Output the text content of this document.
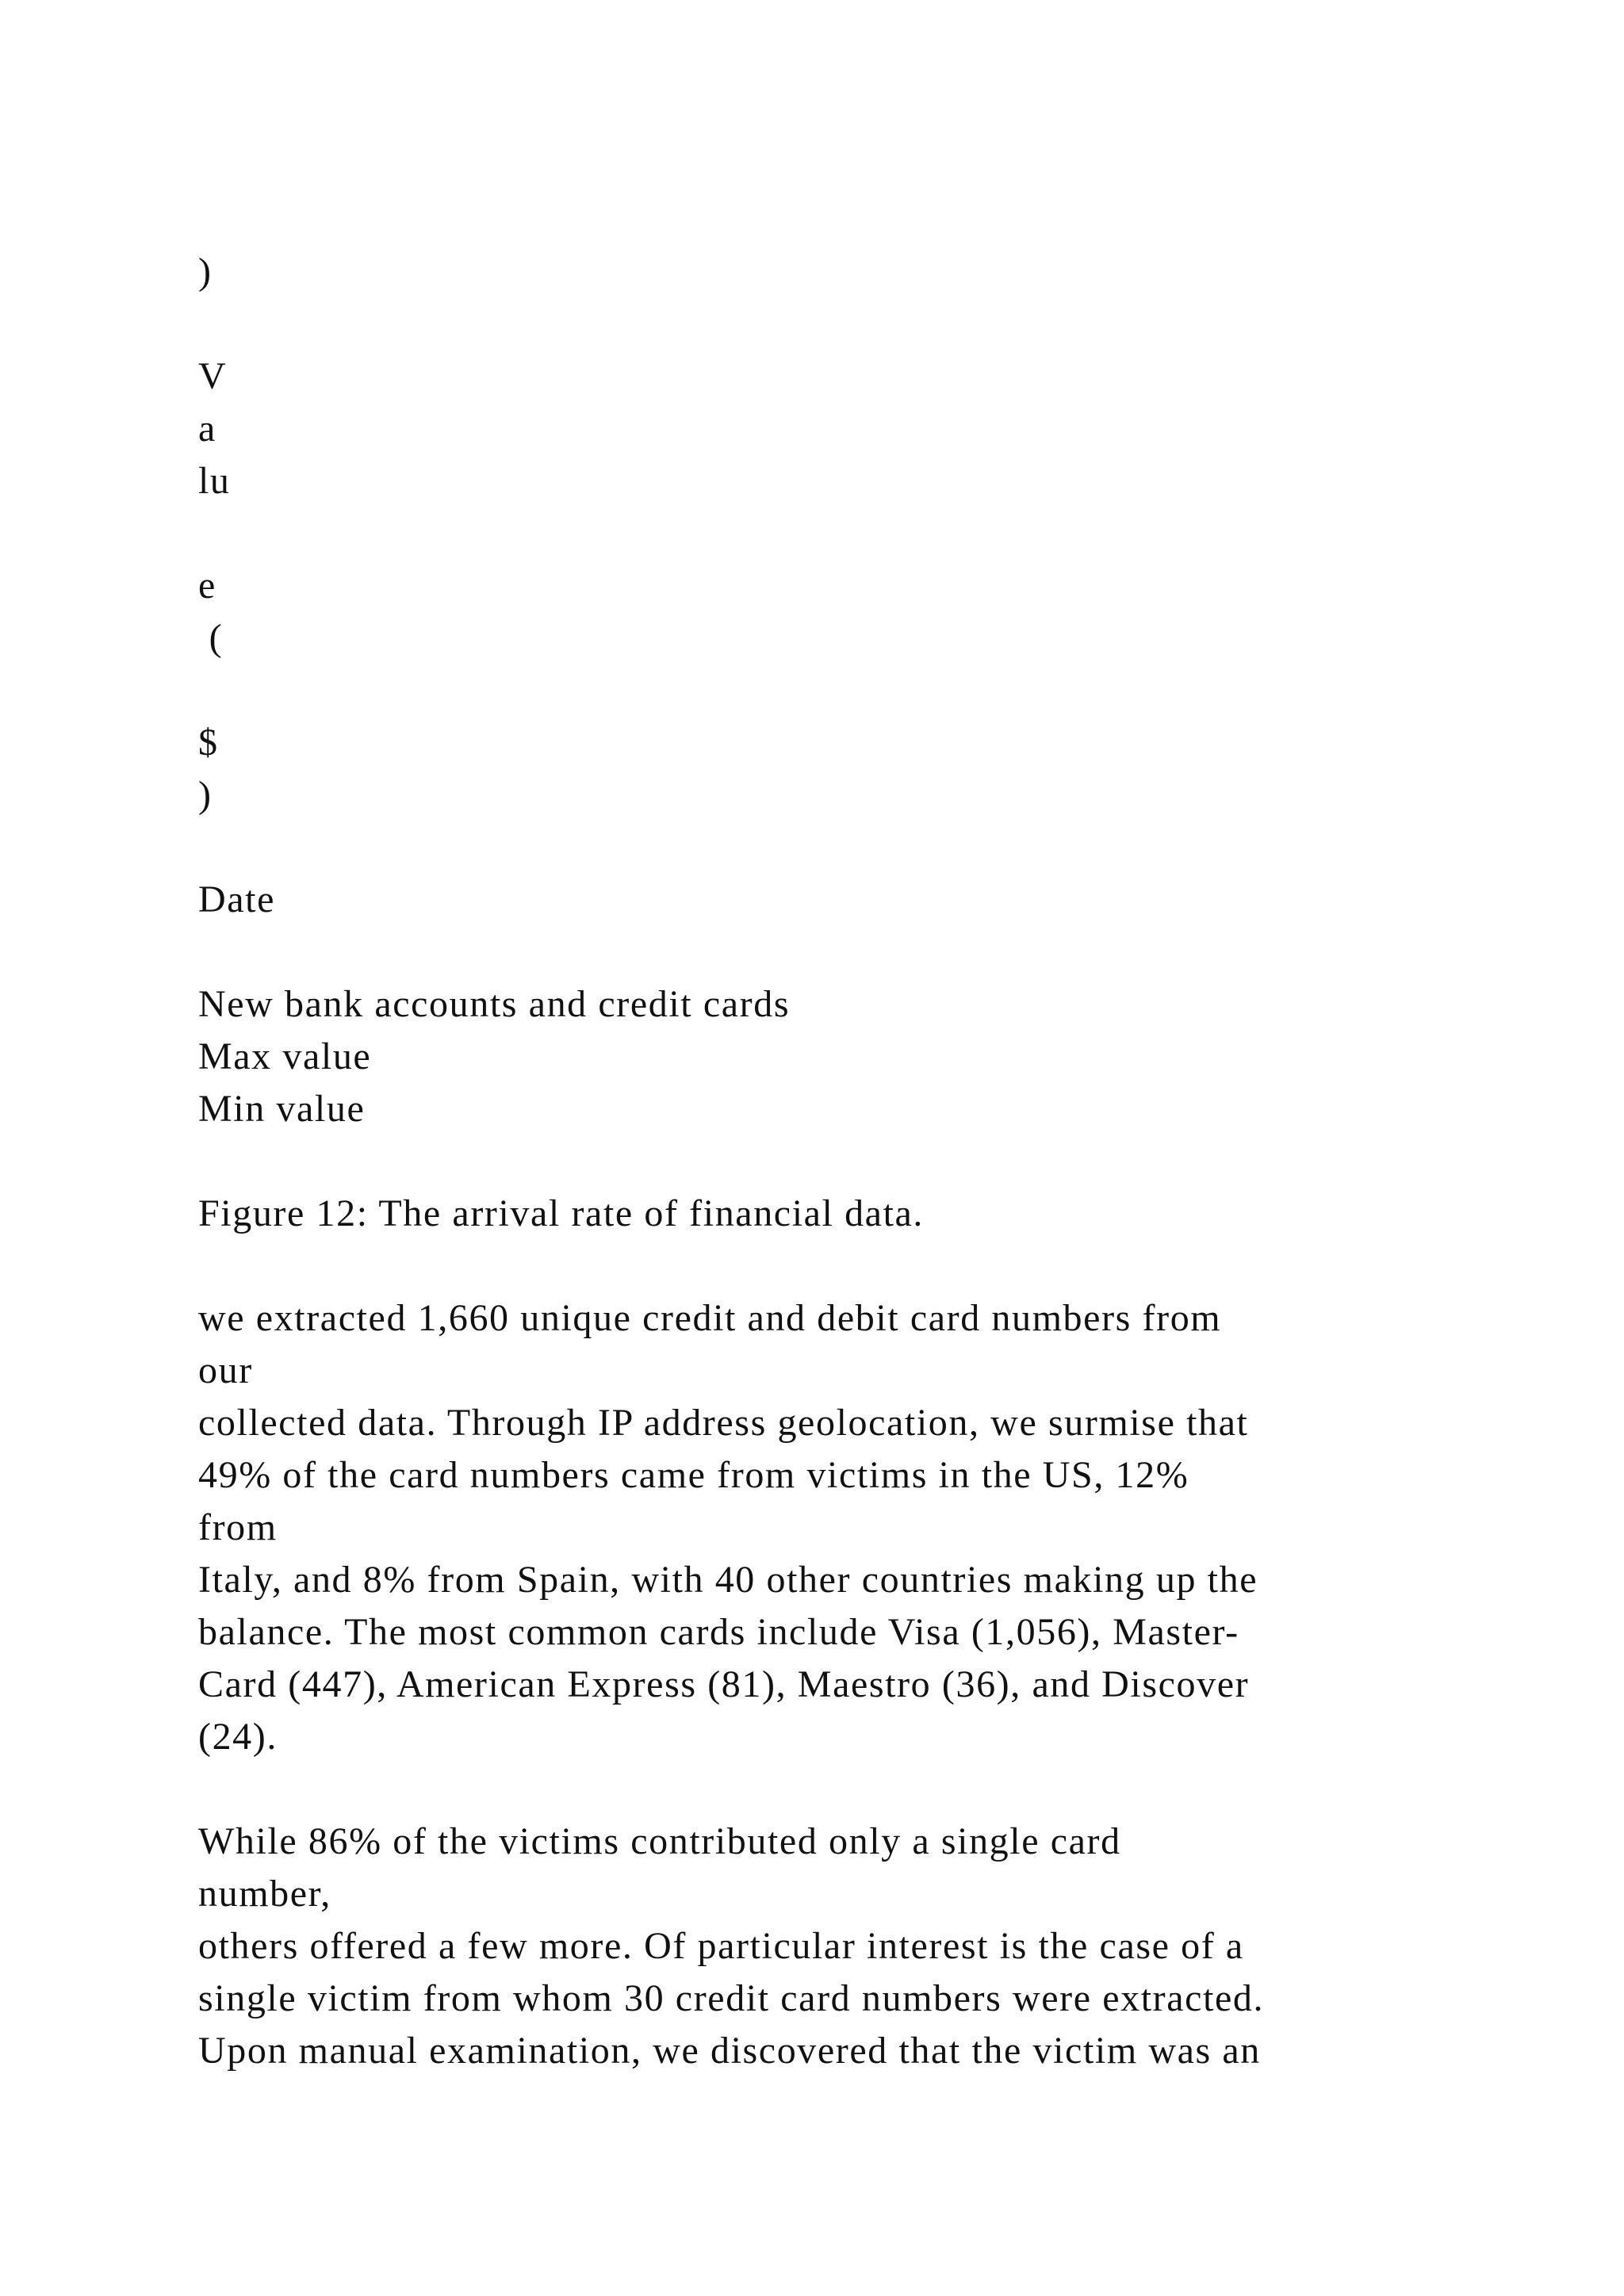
)
V
a
lu
e
(
$
)
Date
New bank accounts and credit cards
Max value
Min value
Figure 12: The arrival rate of financial data.
we extracted 1,660 unique credit and debit card numbers from
our
collected data. Through IP address geolocation, we surmise that
49% of the card numbers came from victims in the US, 12%
from
Italy, and 8% from Spain, with 40 other countries making up the
balance. The most common cards include Visa (1,056), Master-
Card (447), American Express (81), Maestro (36), and Discover
(24).
While 86% of the victims contributed only a single card
number,
others offered a few more. Of particular interest is the case of a
single victim from whom 30 credit card numbers were extracted.
Upon manual examination, we discovered that the victim was an
